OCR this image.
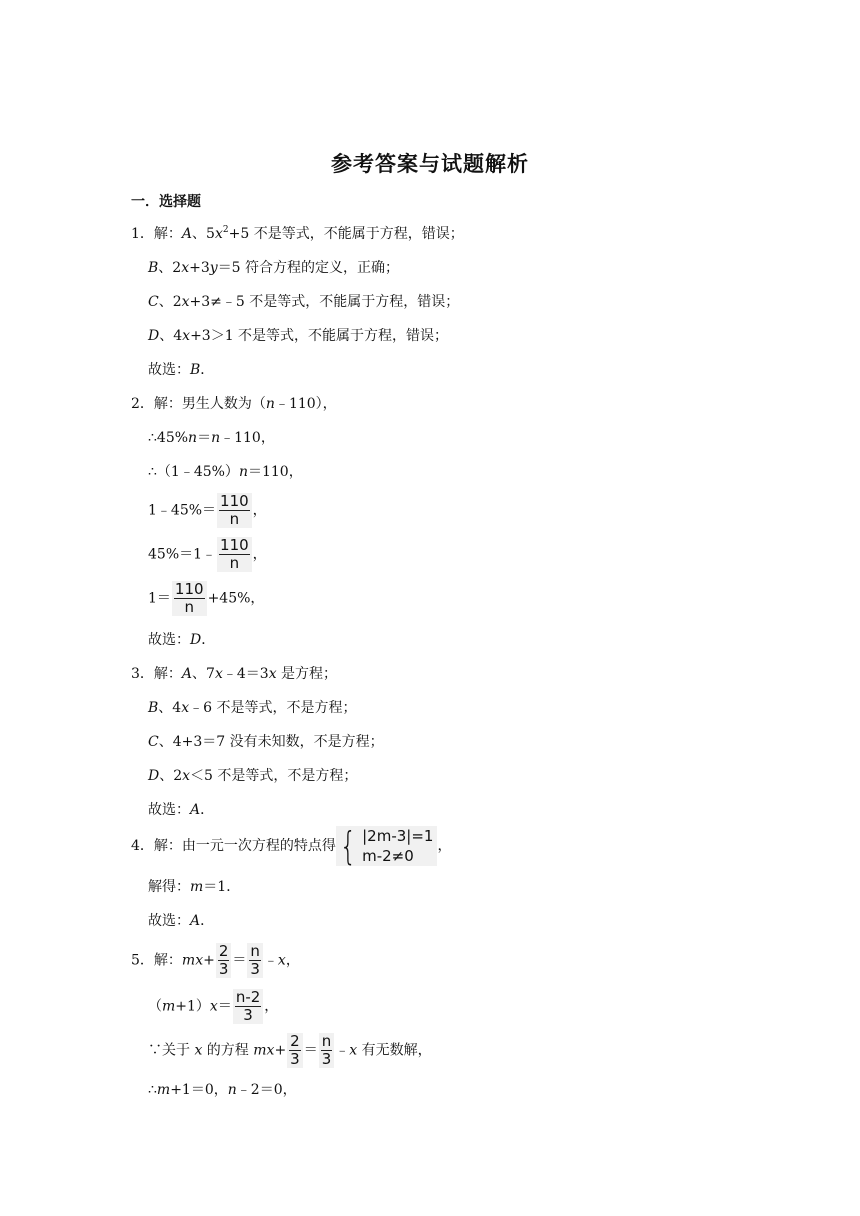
参考答案与试题解析
一．选择题
1．解：A、$5x^2+5$ 不是等式，不能属于方程，错误；
B、2x+3y＝5 符合方程的定义，正确；
C、2x+3≠﹣5 不是等式，不能属于方程，错误；
D、4x+3＞1 不是等式，不能属于方程，错误；
故选：B．
2．解：男生人数为（n﹣110），
∴45%n＝n﹣110，
∴（1﹣45%）n＝110，
1﹣45%＝ $\frac{110}{n}$ ，
45%＝1﹣ $\frac{110}{n}$ ，
$1= \frac{110}{n} +45\%$，
故选：D．
3．解：A、7x﹣4＝3x 是方程；
B、4x﹣6 不是等式，不是方程；
C、4+3＝7 没有未知数，不是方程；
D、2x＜5 不是等式，不是方程；
故选：A．
4．解：由一元一次方程的特点得 { |2m-3|=1
m-2≠0
，
解得：m＝1．
故选：A．
5．解：$mx+ \frac{2}{3} = \frac{n}{3}$ ﹣x，
$(m+1)x= \frac{n-2}{3}$ ，
∵关于 x 的方程 $mx+ \frac{2}{3} = \frac{n}{3}$ ﹣x 有无数解，
∴m+1＝0，n﹣2＝0，
